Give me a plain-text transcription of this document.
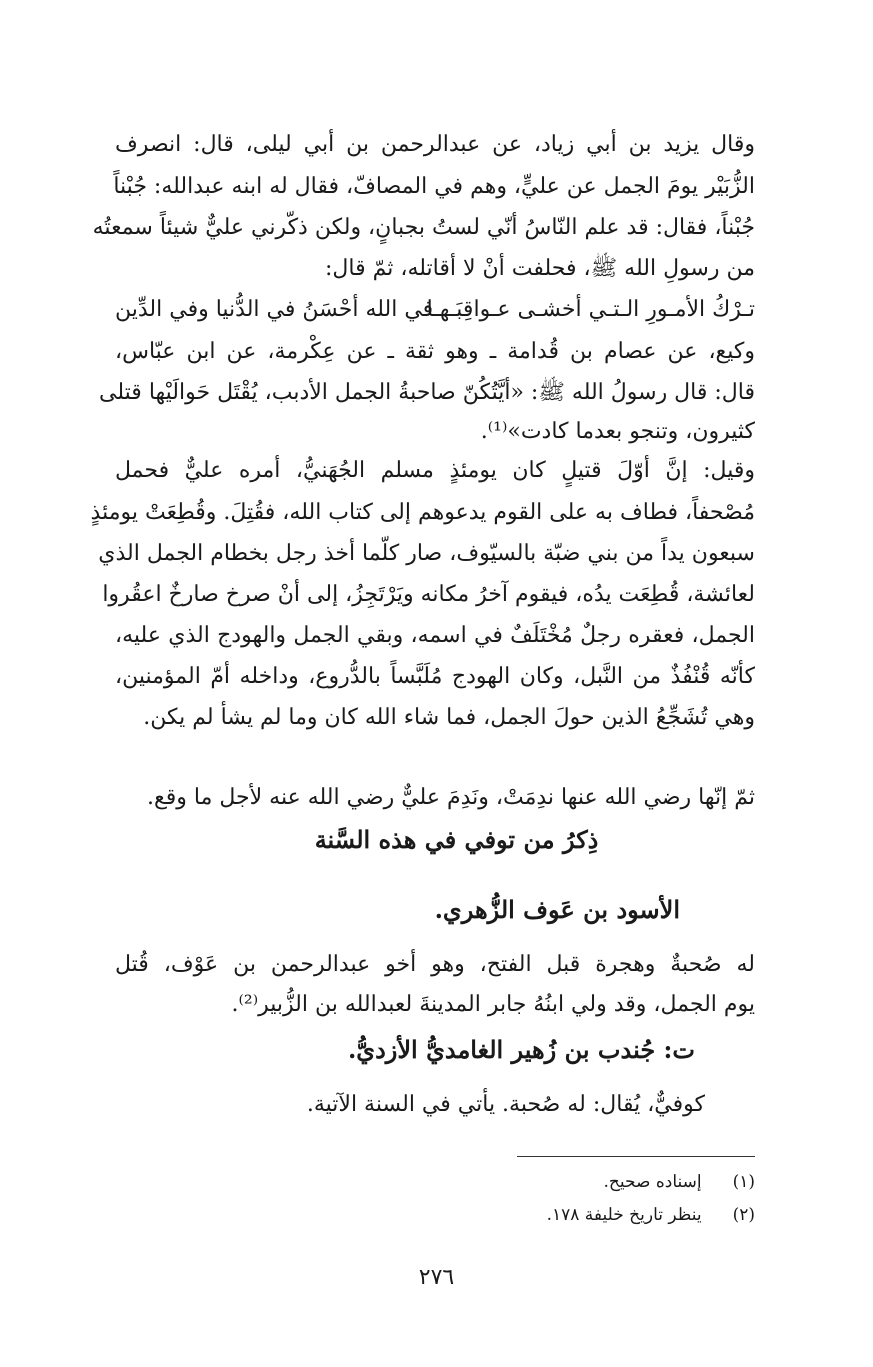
وقال يزيد بن أبي زياد، عن عبدالرحمن بن أبي ليلى، قال: انصرف
الزُّبَيْر يومَ الجمل عن عليٍّ، وهم في المصافّ، فقال له ابنه عبدالله: جُبْناً
جُبْناً، فقال: قد علم النّاسُ أنّي لستُ بجبانٍ، ولكن ذكّرني عليٌّ شيئاً سمعتُه
من رسولِ الله ﷺ، فحلفت أنْ لا أقاتله، ثمّ قال:
تـرْكُ الأمـورِ الـتـي أخشـى عـواقِبَـهـا
في الله أحْسَنُ في الدُّنيا وفي الدِّين
وكيع، عن عصام بن قُدامة ـ وهو ثقة ـ عن عِكْرمة، عن ابن عبّاس،
قال: قال رسولُ الله ﷺ: «أيَّتُكُنّ صاحبةُ الجمل الأدبب، يُقْتَل حَوالَيْها قتلى
كثيرون، وتنجو بعدما كادت»⁽¹⁾.
وقيل: إنَّ أوّلَ قتيلٍ كان يومئذٍ مسلم الجُهَنيُّ، أمره عليٌّ فحمل
مُصْحفاً، فطاف به على القوم يدعوهم إلى كتاب الله، فقُتِلَ. وقُطِعَتْ يومئذٍ
سبعون يداً من بني ضبّة بالسيّوف، صار كلّما أخذ رجل بخطام الجمل الذي
لعائشة، قُطِعَت يدُه، فيقوم آخرُ مكانه ويَرْتَجِزُ، إلى أنْ صرخ صارخٌ اعقُروا
الجمل، فعقره رجلٌ مُخْتَلَفٌ في اسمه، وبقي الجمل والهودج الذي عليه،
كأنّه قُنْفُذٌ من النَّبل، وكان الهودج مُلَبَّساً بالدُّروع، وداخله أمّ المؤمنين،
وهي تُشَجِّعُ الذين حولَ الجمل، فما شاء الله كان وما لم يشأ لم يكن.
ثمّ إنّها رضي الله عنها ندِمَتْ، ونَدِمَ عليٌّ رضي الله عنه لأجل ما وقع.
ذِكرُ من توفي في هذه السَّنة
الأسود بن عَوف الزُّهري.
له صُحبةٌ وهجرة قبل الفتح، وهو أخو عبدالرحمن بن عَوْف، قُتل
يوم الجمل، وقد ولي ابنُهُ جابر المدينةَ لعبدالله بن الزُّبير⁽²⁾.
ت: جُندب بن زُهير الغامديُّ الأزديُّ.
كوفيٌّ، يُقال: له صُحبة. يأتي في السنة الآتية.
(١) إسناده صحيح.
(٢) ينظر تاريخ خليفة ١٧٨.
٢٧٦
